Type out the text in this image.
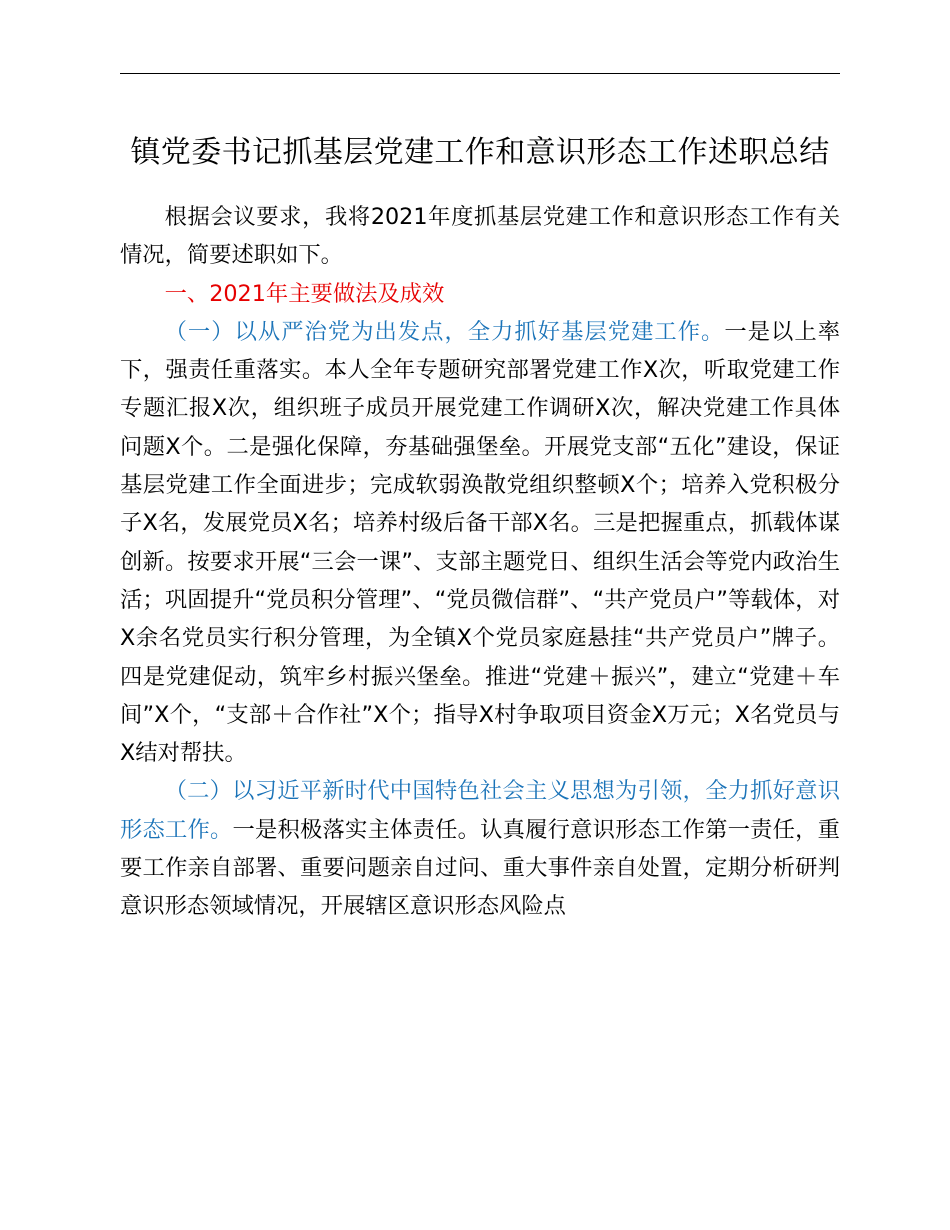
镇党委书记抓基层党建工作和意识形态工作述职总结

根据会议要求，我将2021年度抓基层党建工作和意识形态工作有关情况，简要述职如下。

一、2021年主要做法及成效

（一）以从严治党为出发点，全力抓好基层党建工作。一是以上率下，强责任重落实。本人全年专题研究部署党建工作X次，听取党建工作专题汇报X次，组织班子成员开展党建工作调研X次，解决党建工作具体问题X个。二是强化保障，夯基础强堡垒。开展党支部“五化”建设，保证基层党建工作全面进步；完成软弱涣散党组织整顿X个；培养入党积极分子X名，发展党员X名；培养村级后备干部X名。三是把握重点，抓载体谋创新。按要求开展“三会一课”、支部主题党日、组织生活会等党内政治生活；巩固提升“党员积分管理”、“党员微信群”、“共产党员户”等载体，对X余名党员实行积分管理，为全镇X个党员家庭悬挂“共产党员户”牌子。四是党建促动，筑牢乡村振兴堡垒。推进“党建＋振兴”，建立“党建＋车间”X个，“支部＋合作社”X个；指导X村争取项目资金X万元；X名党员与X结对帮扶。

（二）以习近平新时代中国特色社会主义思想为引领，全力抓好意识形态工作。一是积极落实主体责任。认真履行意识形态工作第一责任，重要工作亲自部署、重要问题亲自过问、重大事件亲自处置，定期分析研判意识形态领域情况，开展辖区意识形态风险点
